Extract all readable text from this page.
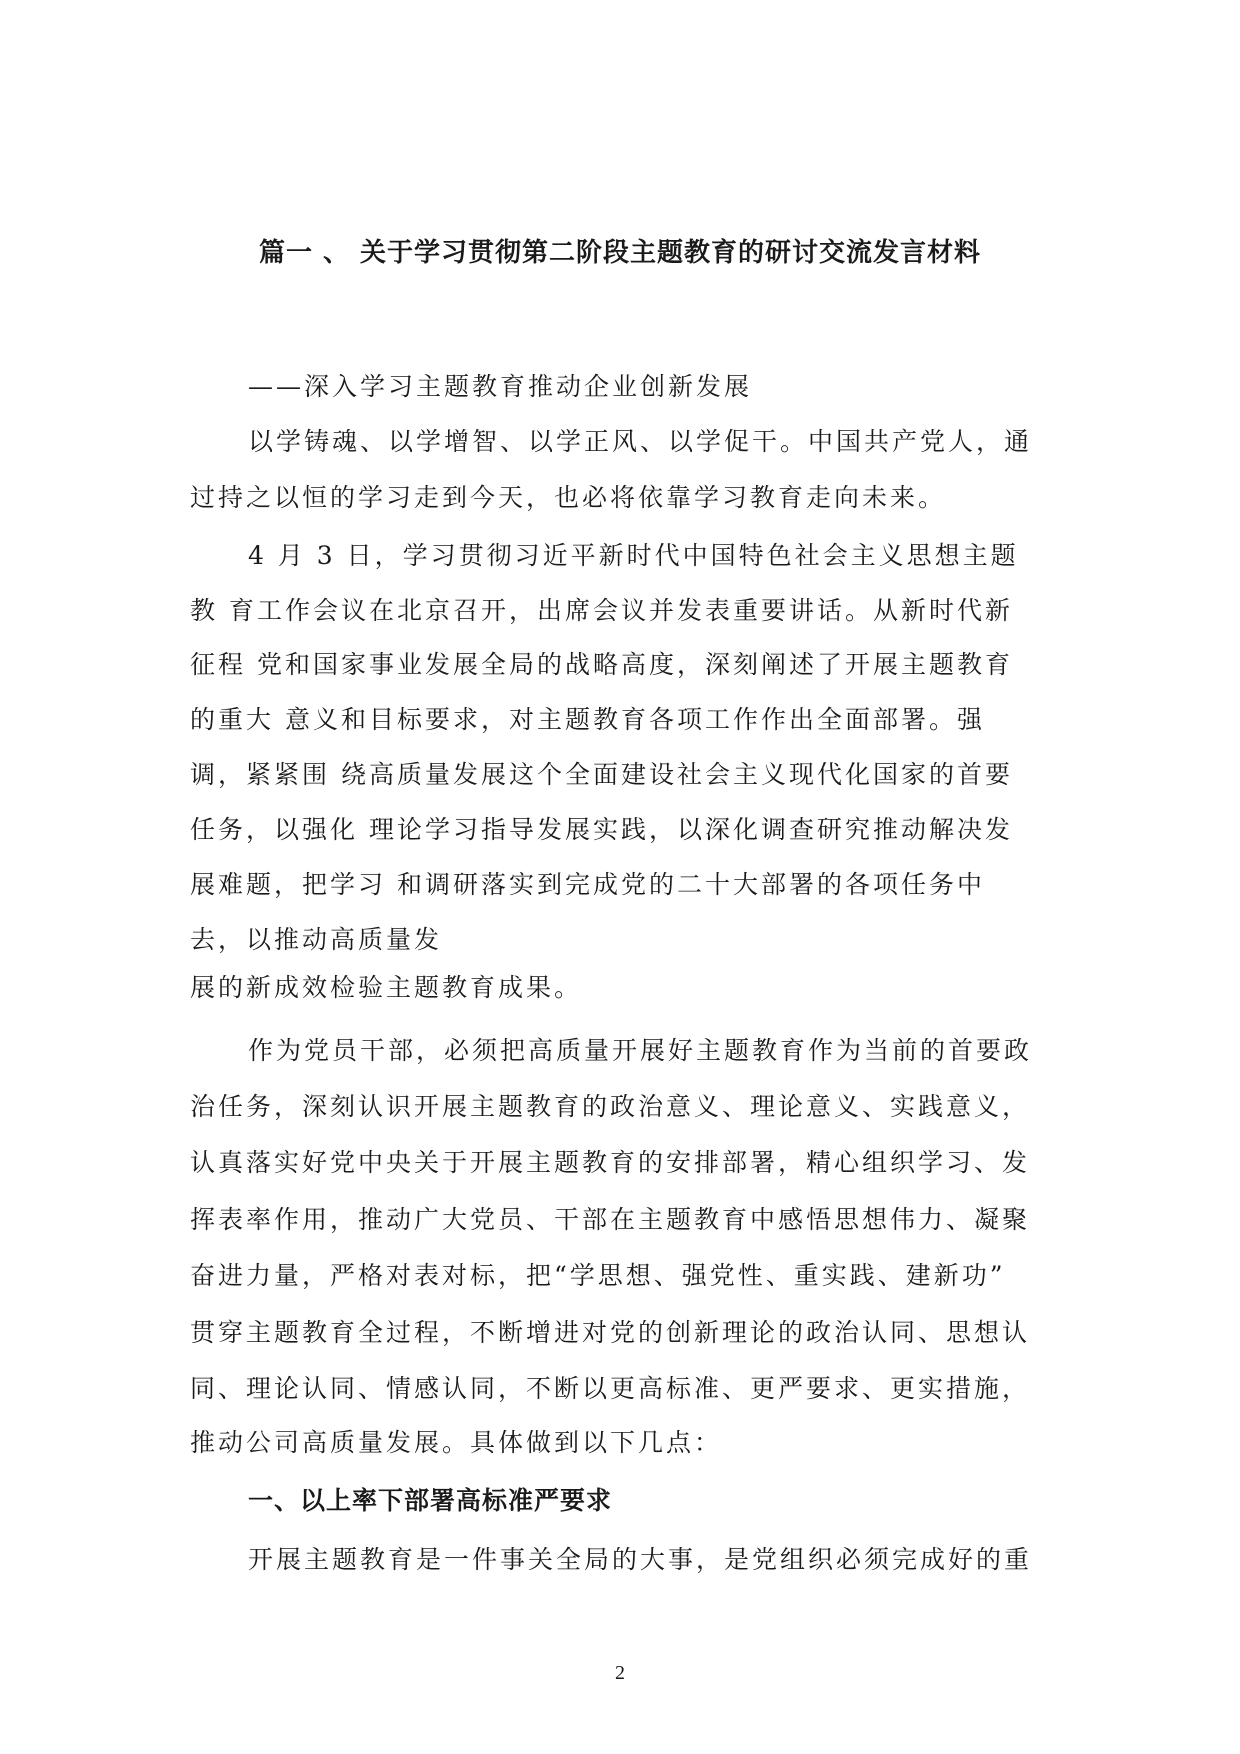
篇一 、 关于学习贯彻第二阶段主题教育的研讨交流发言材料
——深入学习主题教育推动企业创新发展
以学铸魂、以学增智、以学正风、以学促干。中国共产党人，通
过持之以恒的学习走到今天，也必将依靠学习教育走向未来。
4 月 3 日，学习贯彻习近平新时代中国特色社会主义思想主题
教 育工作会议在北京召开，出席会议并发表重要讲话。从新时代新
征程 党和国家事业发展全局的战略高度，深刻阐述了开展主题教育
的重大 意义和目标要求，对主题教育各项工作作出全面部署。强
调，紧紧围 绕高质量发展这个全面建设社会主义现代化国家的首要
任务，以强化 理论学习指导发展实践，以深化调查研究推动解决发
展难题，把学习 和调研落实到完成党的二十大部署的各项任务中
去，以推动高质量发
展的新成效检验主题教育成果。
作为党员干部，必须把高质量开展好主题教育作为当前的首要政
治任务，深刻认识开展主题教育的政治意义、理论意义、实践意义，
认真落实好党中央关于开展主题教育的安排部署，精心组织学习、发
挥表率作用，推动广大党员、干部在主题教育中感悟思想伟力、凝聚
奋进力量，严格对表对标，把“学思想、强党性、重实践、建新功”
贯穿主题教育全过程，不断增进对党的创新理论的政治认同、思想认
同、理论认同、情感认同，不断以更高标准、更严要求、更实措施，
推动公司高质量发展。具体做到以下几点：
一、以上率下部署高标准严要求
开展主题教育是一件事关全局的大事，是党组织必须完成好的重
2
